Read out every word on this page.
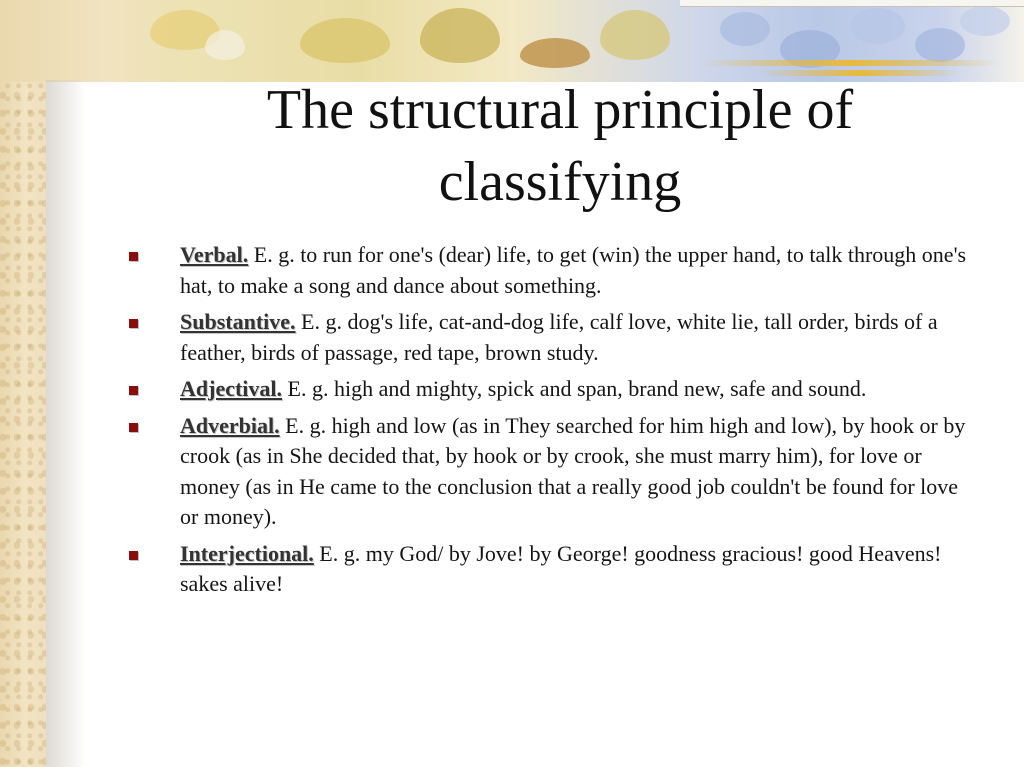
The structural principle of
classifying
Verbal. E. g. to run for one's (dear) life, to get (win) the upper hand, to talk through one's hat, to make a song and dance about something.
Substantive. E. g. dog's life, cat-and-dog life, calf love, white lie, tall order, birds of a feather, birds of passage, red tape, brown study.
Adjectival. E. g. high and mighty, spick and span, brand new, safe and sound.
Adverbial. E. g. high and low (as in They searched for him high and low), by hook or by crook (as in She decided that, by hook or by crook, she must marry him), for love or money (as in He came to the conclusion that a really good job couldn't be found for love or money).
Interjectional. E. g. my God/ by Jove! by George! goodness gracious! good Heavens! sakes alive!
